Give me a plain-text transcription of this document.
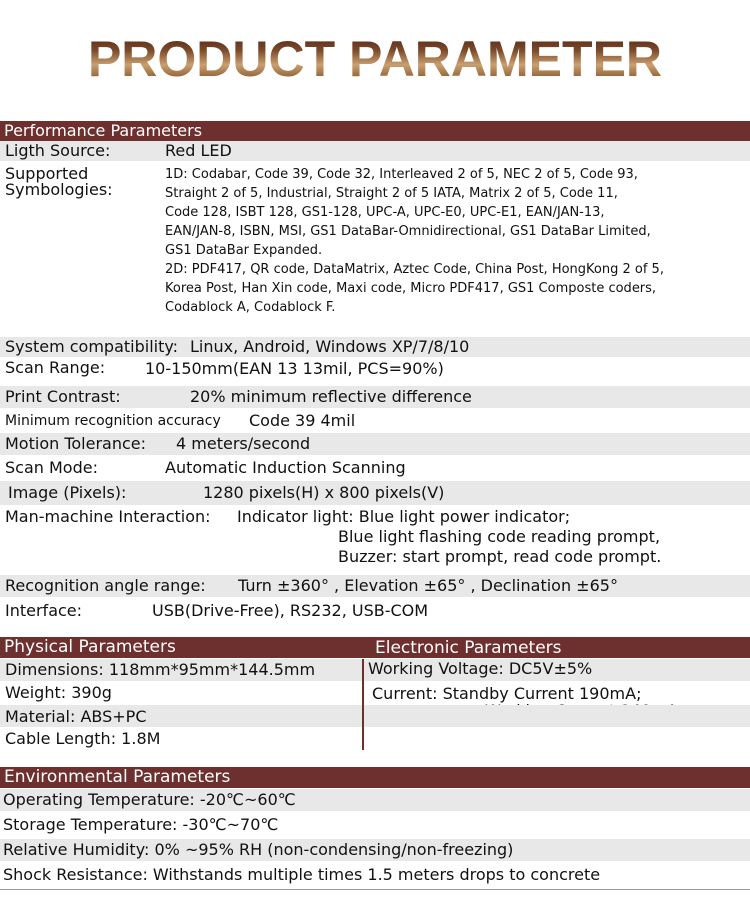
PRODUCT PARAMETER
Performance Parameters
Ligth Source:	Red LED
Supported
Symbologies:
1D: Codabar, Code 39, Code 32, Interleaved 2 of 5, NEC 2 of 5, Code 93,
Straight 2 of 5, Industrial, Straight 2 of 5 IATA, Matrix 2 of 5, Code 11,
Code 128, ISBT 128, GS1-128, UPC-A, UPC-E0, UPC-E1, EAN/JAN-13,
EAN/JAN-8, ISBN, MSI, GS1 DataBar-Omnidirectional, GS1 DataBar Limited,
GS1 DataBar Expanded.
2D: PDF417, QR code, DataMatrix, Aztec Code, China Post, HongKong 2 of 5,
Korea Post, Han Xin code, Maxi code, Micro PDF417, GS1 Composte coders,
Codablock A, Codablock F.
System compatibility: Linux, Android, Windows XP/7/8/10
Scan Range: 10-150mm(EAN 13 13mil, PCS=90%)
Print Contrast:	20% minimum reflective difference
Minimum recognition accuracy Code 39 4mil
Motion Tolerance: 4 meters/second
Scan Mode:	Automatic Induction Scanning
Image (Pixels):	1280 pixels(H) x 800 pixels(V)
Man-machine Interaction: Indicator light: Blue light power indicator;
Blue light flashing code reading prompt,
Buzzer: start prompt, read code prompt.
Recognition angle range: Turn ±360° , Elevation ±65° , Declination ±65°
Interface:	USB(Drive-Free), RS232, USB-COM
Physical Parameters	Electronic Parameters
Dimensions: 118mm*95mm*144.5mm	Working Voltage: DC5V±5%
Weight: 390g	Current: Standby Current 190mA;
Material: ABS+PC
Cable Length: 1.8M
Environmental Parameters
Operating Temperature: -20℃~60℃
Storage Temperature: -30℃~70℃
Relative Humidity: 0% ~95% RH (non-condensing/non-freezing)
Shock Resistance: Withstands multiple times 1.5 meters drops to concrete
